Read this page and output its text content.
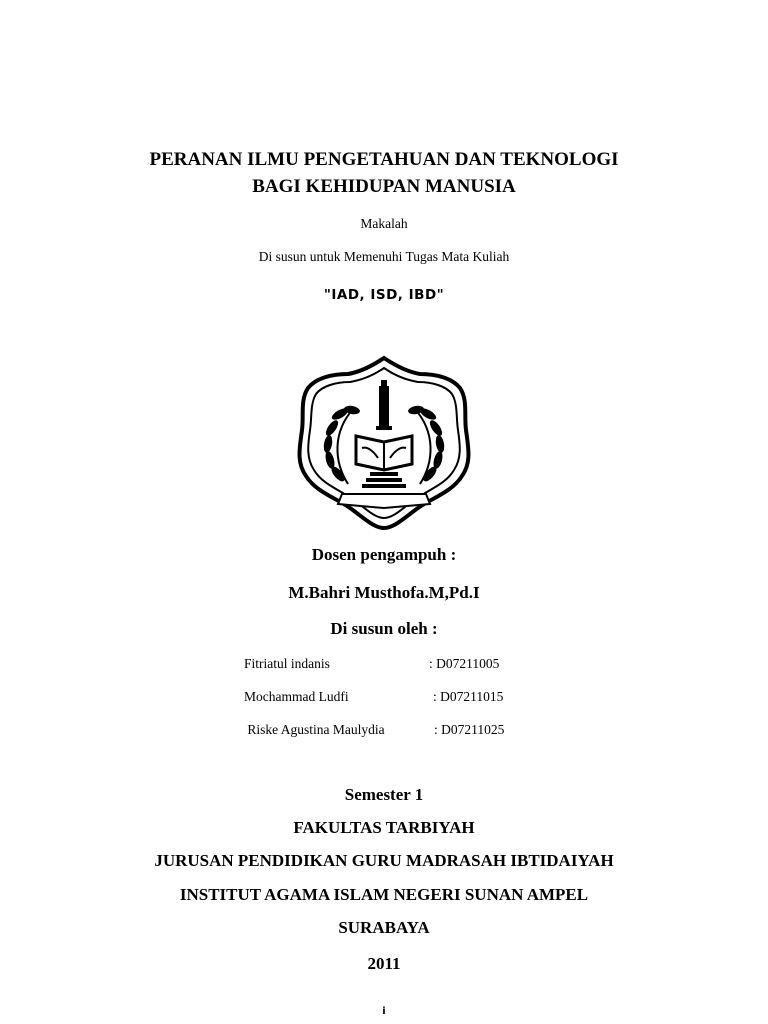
PERANAN ILMU PENGETAHUAN DAN TEKNOLOGI
BAGI KEHIDUPAN MANUSIA
Makalah
Di susun untuk Memenuhi Tugas Mata Kuliah
"IAD, ISD, IBD"
Dosen pengampuh :
M.Bahri Musthofa.M,Pd.I
Di susun oleh :
Fitriatul indanis	: D07211005
Mochammad Ludfi	: D07211015
Riske Agustina Maulydia	: D07211025
Semester 1
FAKULTAS TARBIYAH
JURUSAN PENDIDIKAN GURU MADRASAH IBTIDAIYAH
INSTITUT AGAMA ISLAM NEGERI SUNAN AMPEL
SURABAYA
2011
i
